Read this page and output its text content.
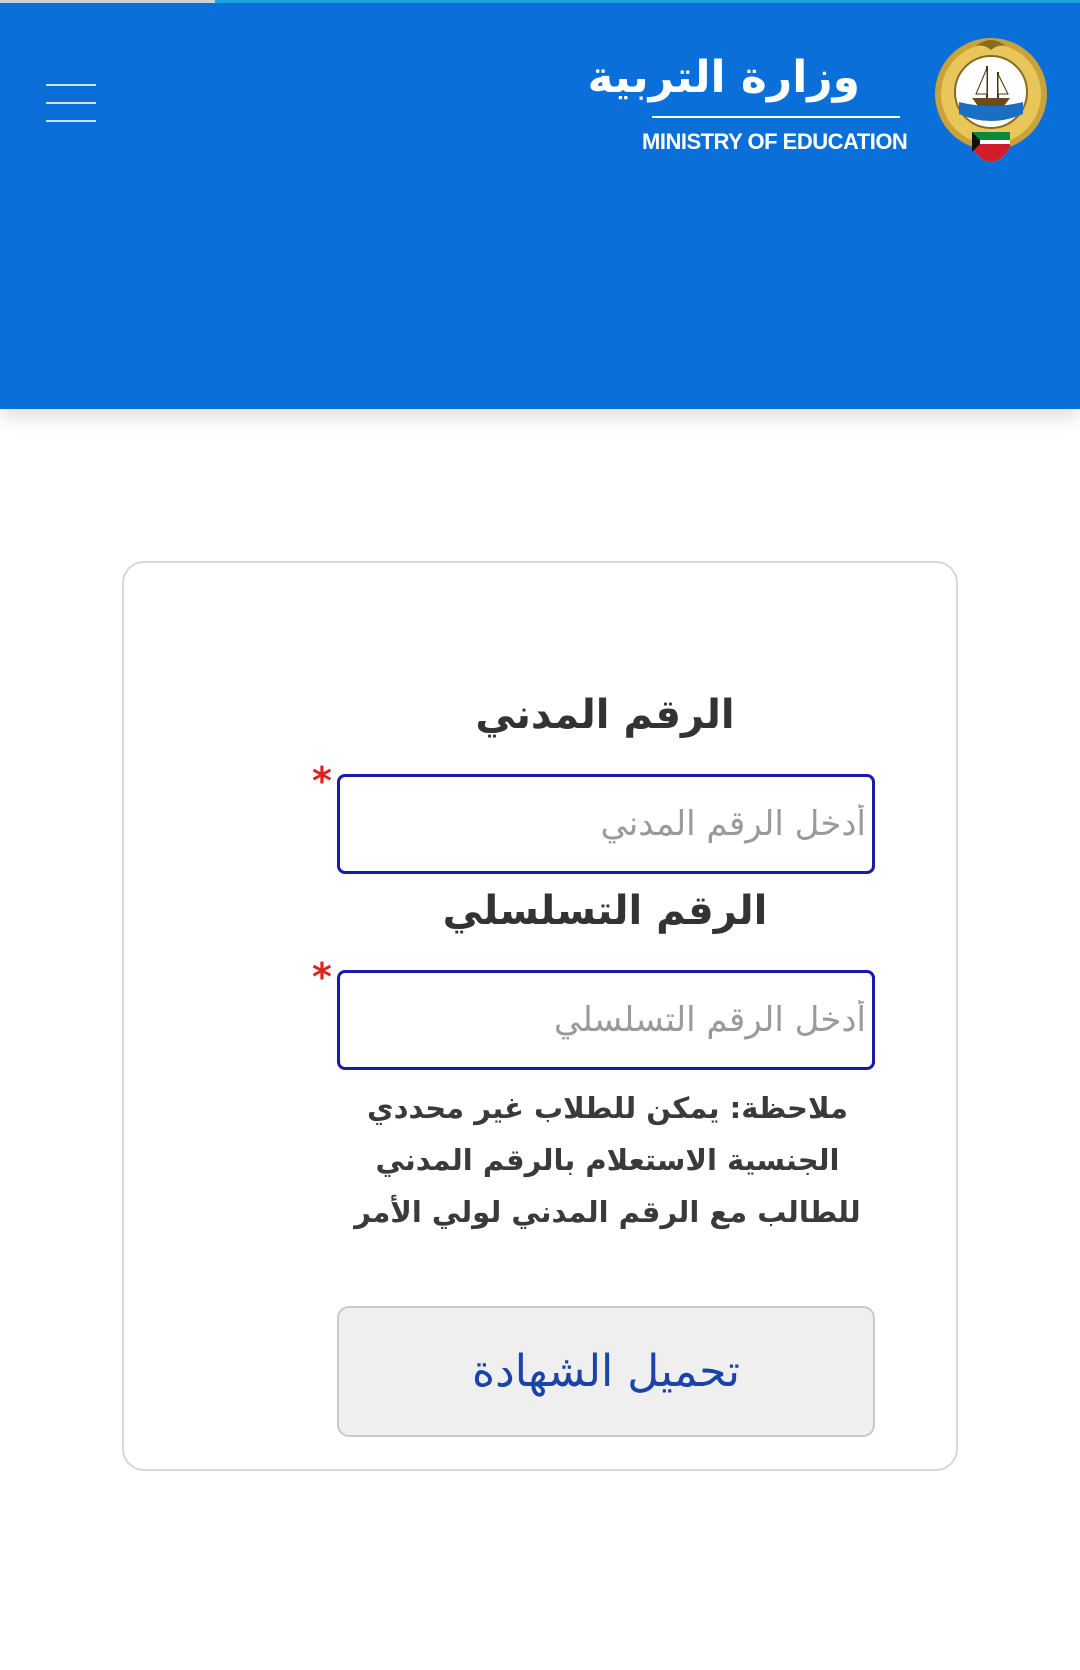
وزارة التربية
MINISTRY OF EDUCATION
الرقم المدني
*
أدخل الرقم المدني
الرقم التسلسلي
*
أدخل الرقم التسلسلي
ملاحظة: يمكن للطلاب غير محددي الجنسية الاستعلام بالرقم المدني للطالب مع الرقم المدني لولي الأمر
تحميل الشهادة
